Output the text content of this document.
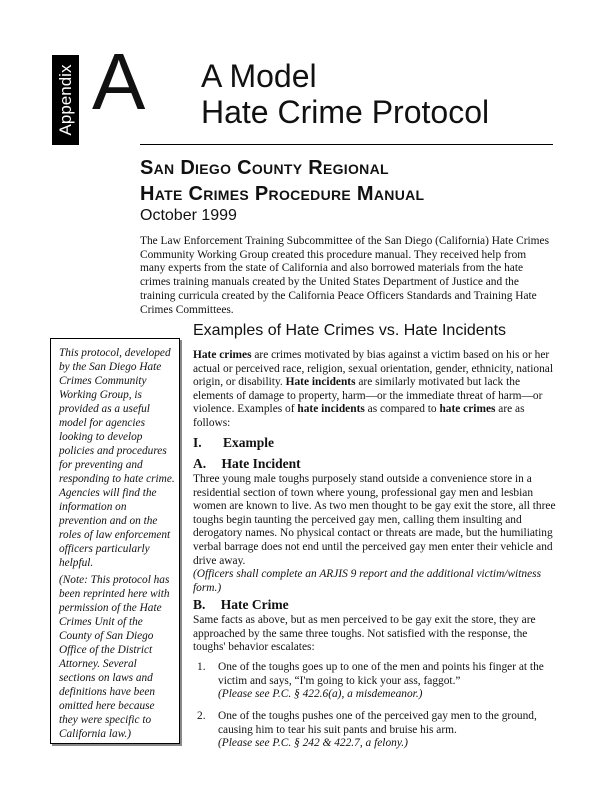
Appendix A A Model
Hate Crime Protocol
San Diego County Regional
Hate Crimes Procedure Manual
October 1999
The Law Enforcement Training Subcommittee of the San Diego (California) Hate Crimes Community Working Group created this procedure manual. They received help from many experts from the state of California and also borrowed materials from the hate crimes training manuals created by the United States Department of Justice and the training curricula created by the California Peace Officers Standards and Training Hate Crimes Committees.
Examples of Hate Crimes vs. Hate Incidents

This protocol, developed by the San Diego Hate Crimes Community Working Group, is provided as a useful model for agencies looking to develop policies and procedures for preventing and responding to hate crime. Agencies will find the information on prevention and on the roles of law enforcement officers particularly helpful.

(Note: This protocol has been reprinted here with permission of the Hate Crimes Unit of the County of San Diego Office of the District Attorney. Several sections on laws and definitions have been omitted here because they were specific to California law.)

Hate crimes are crimes motivated by bias against a victim based on his or her actual or perceived race, religion, sexual orientation, gender, ethnicity, national origin, or disability. Hate incidents are similarly motivated but lack the elements of damage to property, harm—or the immediate threat of harm—or violence. Examples of hate incidents as compared to hate crimes are as follows:

I. Example
A. Hate Incident

Three young male toughs purposely stand outside a convenience store in a residential section of town where young, professional gay men and lesbian women are known to live. As two men thought to be gay exit the store, all three toughs begin taunting the perceived gay men, calling them insulting and derogatory names. No physical contact or threats are made, but the humiliating verbal barrage does not end until the perceived gay men enter their vehicle and drive away.

(Officers shall complete an ARJIS 9 report and the additional victim/witness form.)

B. Hate Crime
Same facts as above, but as men perceived to be gay exit the store, they are approached by the same three toughs. Not satisfied with the response, the toughs' behavior escalates:
1. One of the toughs goes up to one of the men and points his finger at the victim and says, “I'm going to kick your ass, faggot.”

(Please see P.C. § 422.6(a), a misdemeanor.)

2. One of the toughs pushes one of the perceived gay men to the ground, causing him to tear his suit pants and bruise his arm.

(Please see P.C. § 242 & 422.7, a felony.)
